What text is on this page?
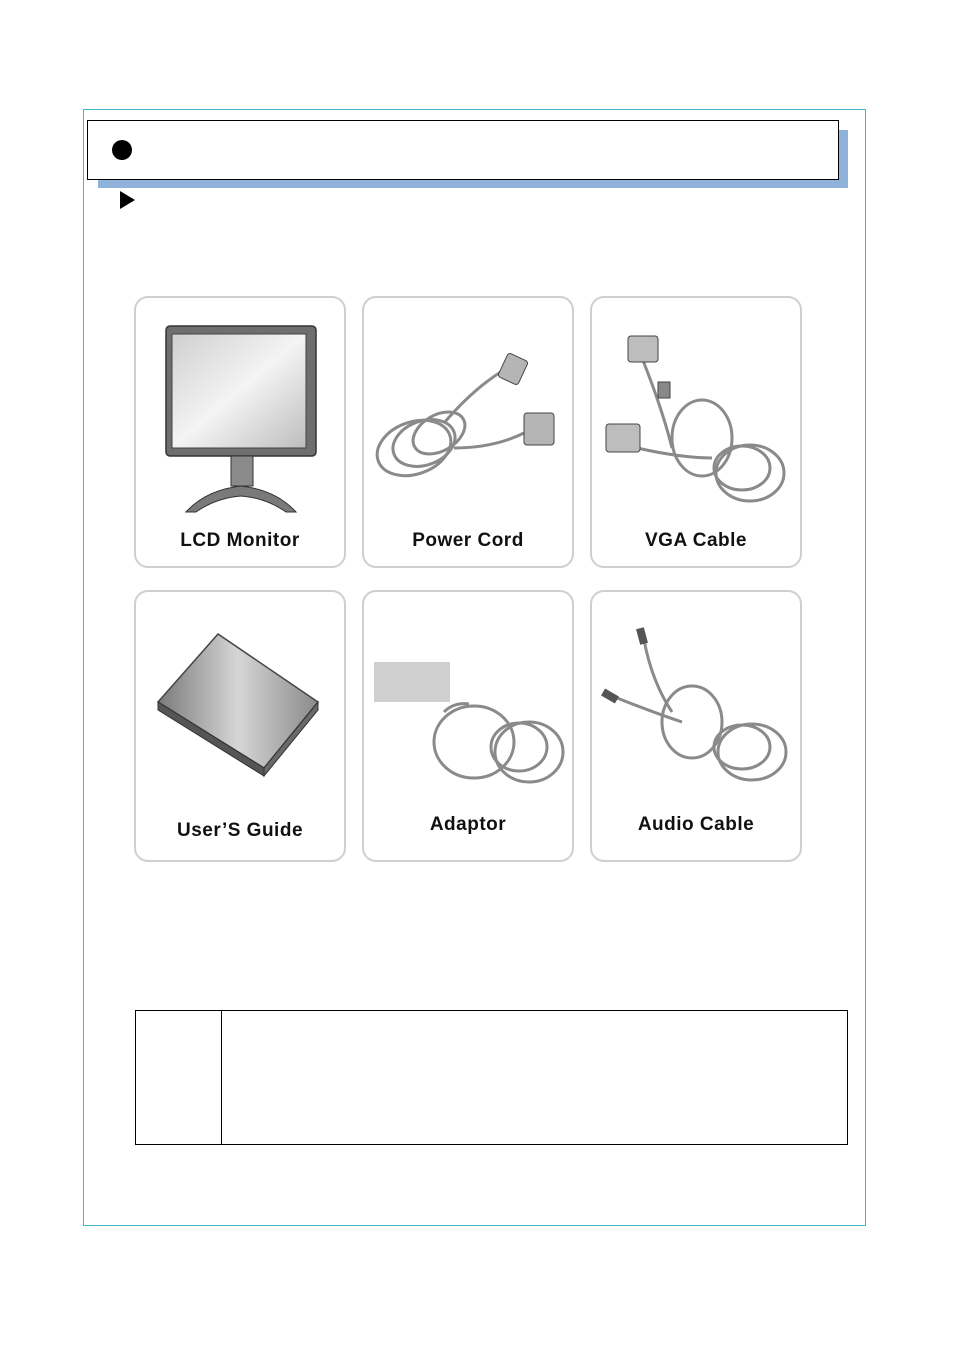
LCD Monitor	Power Cord	VGA Cable
User’S Guide	Adaptor	Audio Cable
